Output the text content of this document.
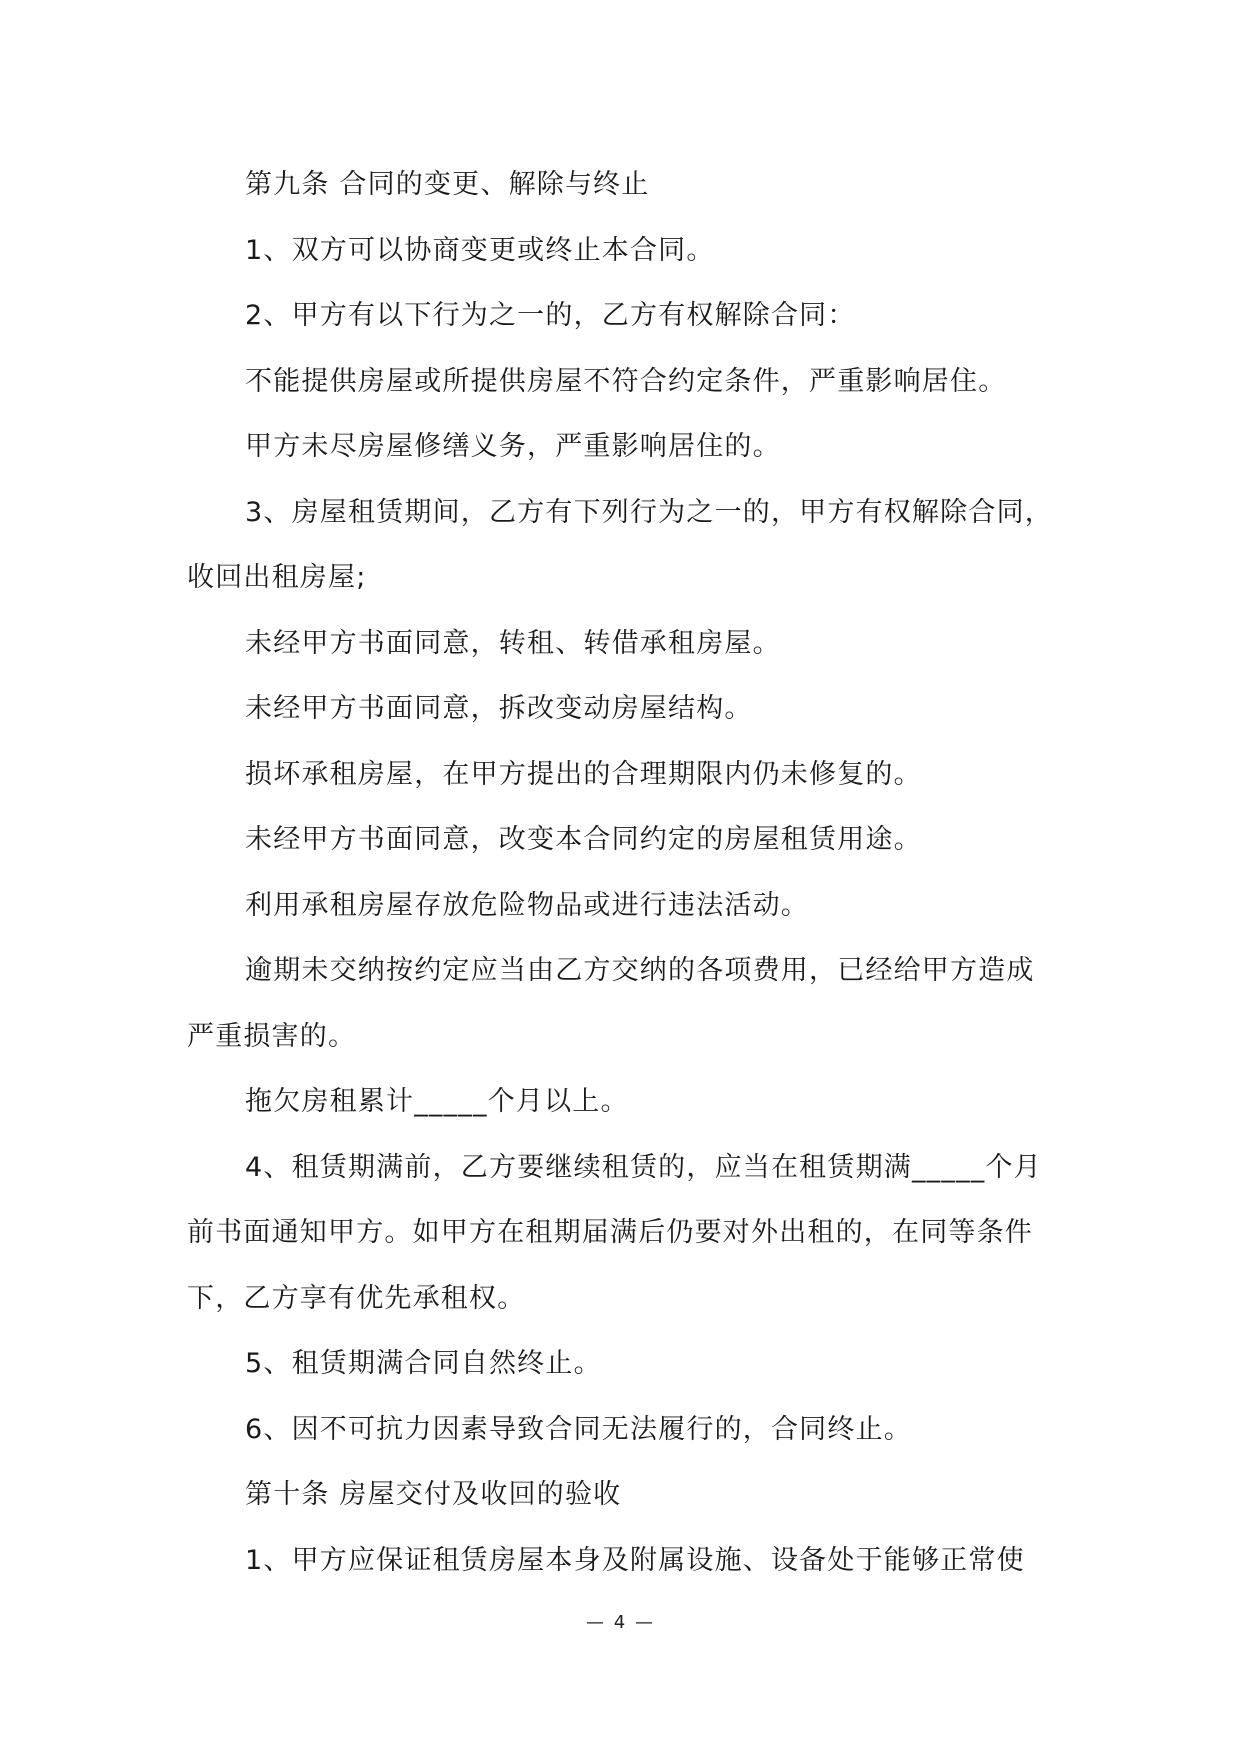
第九条 合同的变更、解除与终止

1、双方可以协商变更或终止本合同。

2、甲方有以下行为之一的，乙方有权解除合同：

不能提供房屋或所提供房屋不符合约定条件，严重影响居住。

甲方未尽房屋修缮义务，严重影响居住的。

3、房屋租赁期间，乙方有下列行为之一的，甲方有权解除合同，收回出租房屋;

未经甲方书面同意，转租、转借承租房屋。

未经甲方书面同意，拆改变动房屋结构。

损坏承租房屋，在甲方提出的合理期限内仍未修复的。

未经甲方书面同意，改变本合同约定的房屋租赁用途。

利用承租房屋存放危险物品或进行违法活动。

逾期未交纳按约定应当由乙方交纳的各项费用，已经给甲方造成严重损害的。

拖欠房租累计_____个月以上。

4、租赁期满前，乙方要继续租赁的，应当在租赁期满_____个月前书面通知甲方。如甲方在租期届满后仍要对外出租的，在同等条件下，乙方享有优先承租权。

5、租赁期满合同自然终止。

6、因不可抗力因素导致合同无法履行的，合同终止。

第十条 房屋交付及收回的验收

1、甲方应保证租赁房屋本身及附属设施、设备处于能够正常使

— 4 —
